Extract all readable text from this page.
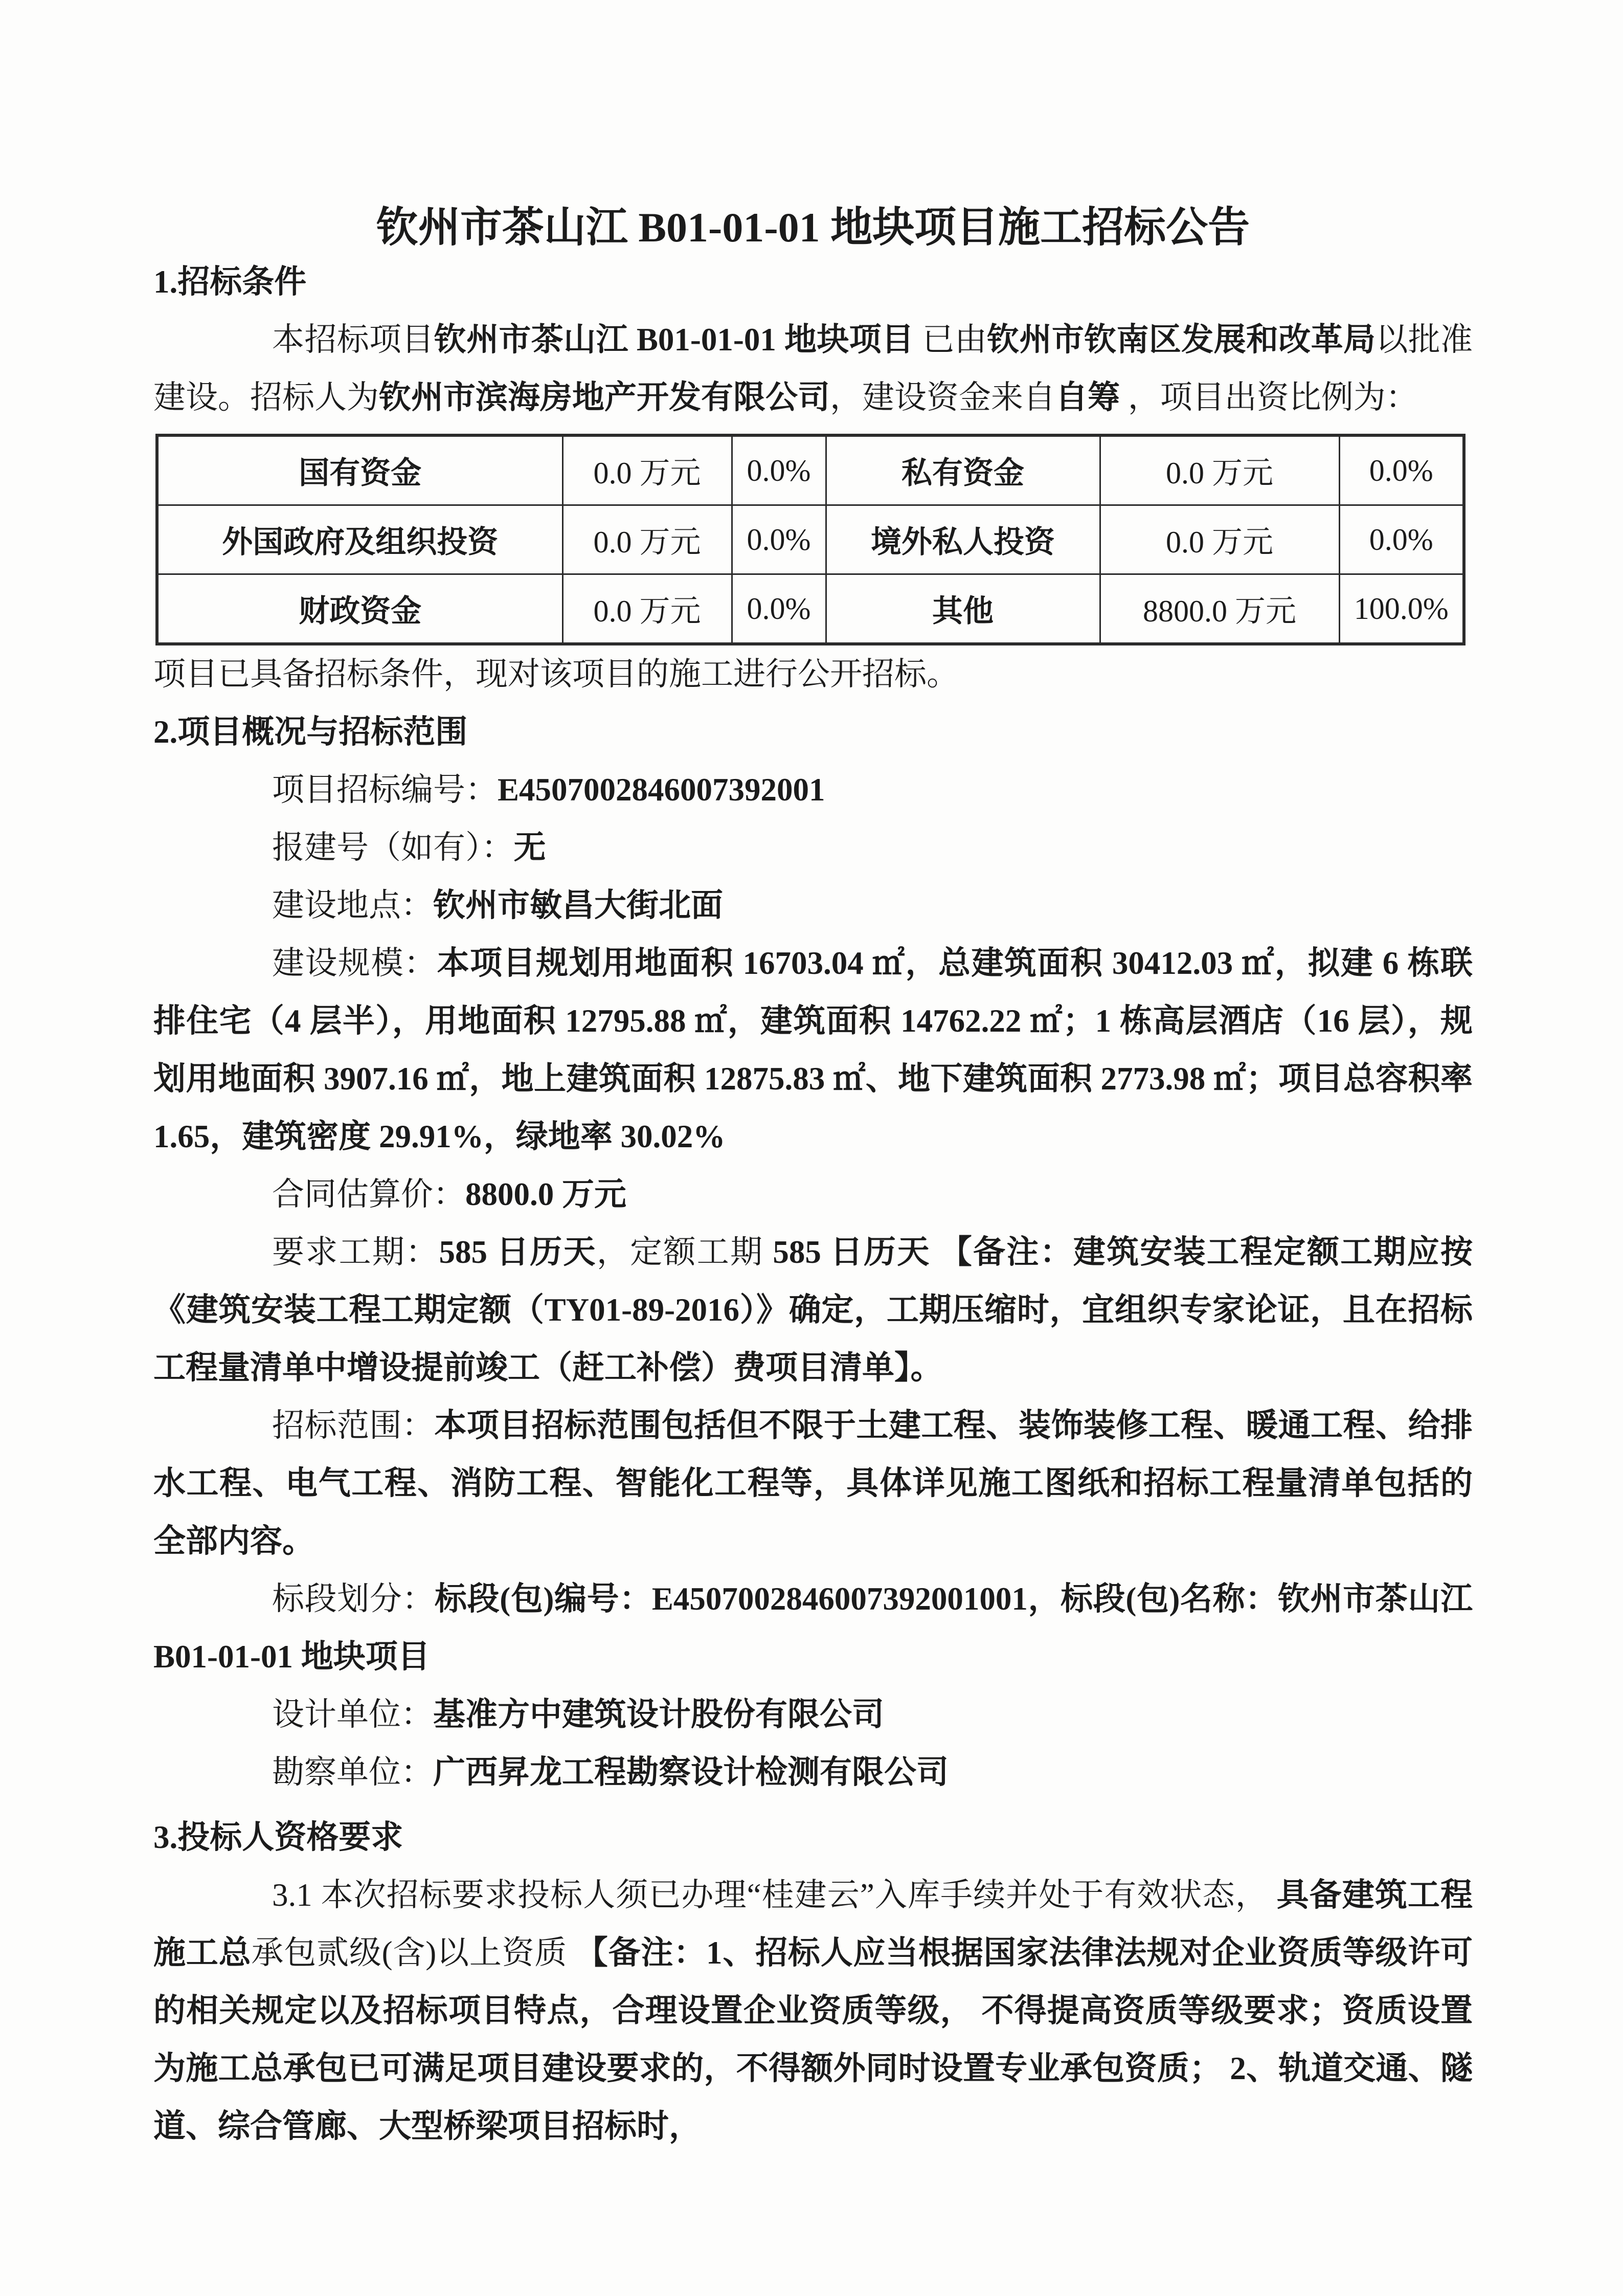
钦州市茶山江 B01-01-01 地块项目施工招标公告
1.招标条件

本招标项目钦州市茶山江 B01-01-01 地块项目 已由钦州市钦南区发展和改革局以批准建设。招标人为钦州市滨海房地产开发有限公司，建设资金来自自筹 ，项目出资比例为：

国有资金	0.0 万元	0.0%	私有资金	0.0 万元	0.0%
外国政府及组织投资	0.0 万元	0.0%	境外私人投资	0.0 万元	0.0%
财政资金	0.0 万元	0.0%	其他	8800.0 万元	100.0%

项目已具备招标条件，现对该项目的施工进行公开招标。

2.项目概况与招标范围

项目招标编号：E4507002846007392001

报建号（如有）：无

建设地点：钦州市敏昌大街北面

建设规模：本项目规划用地面积 16703.04 ㎡，总建筑面积 30412.03 ㎡，拟建 6 栋联排住宅（4 层半），用地面积 12795.88 ㎡，建筑面积 14762.22 ㎡；1 栋高层酒店（16 层），规划用地面积 3907.16 ㎡，地上建筑面积 12875.83 ㎡、地下建筑面积 2773.98 ㎡；项目总容积率 1.65，建筑密度 29.91%，绿地率 30.02%

合同估算价：8800.0 万元

要求工期：585 日历天，定额工期 585 日历天 【备注：建筑安装工程定额工期应按《建筑安装工程工期定额（TY01-89-2016）》确定，工期压缩时，宜组织专家论证，且在招标工程量清单中增设提前竣工（赶工补偿）费项目清单】。

招标范围：本项目招标范围包括但不限于土建工程、装饰装修工程、暖通工程、给排水工程、电气工程、消防工程、智能化工程等，具体详见施工图纸和招标工程量清单包括的全部内容。

标段划分：标段(包)编号：E4507002846007392001001，标段(包)名称：钦州市茶山江 B01-01-01 地块项目

设计单位：基准方中建筑设计股份有限公司

勘察单位：广西昇龙工程勘察设计检测有限公司

3.投标人资格要求

3.1 本次招标要求投标人须已办理“桂建云”入库手续并处于有效状态， 具备建筑工程施工总承包贰级(含)以上资质 【备注：1、招标人应当根据国家法律法规对企业资质等级许可的相关规定以及招标项目特点，合理设置企业资质等级， 不得提高资质等级要求；资质设置为施工总承包已可满足项目建设要求的，不得额外同时设置专业承包资质； 2、轨道交通、隧道、综合管廊、大型桥梁项目招标时，
